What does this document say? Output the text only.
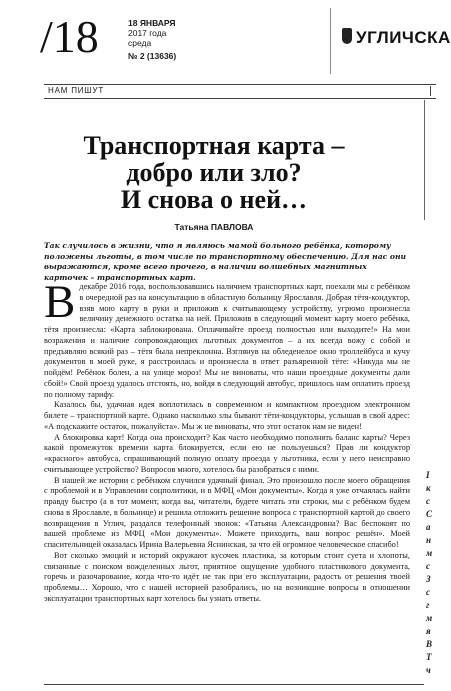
/18	18 ЯНВАРЯ
2017 года
среда
№ 2 (13636)
УГЛИЧСКА
НАМ ПИШУТ
Транспортная карта –
добро или зло?
И снова о ней…
Татьяна ПАВЛОВА
Так случилось в жизни, что я являюсь мамой больного ребёнка, которому положены льготы, в том числе по транспортному обеспечению. Для нас они выражаются, кроме всего прочего, в наличии волшебных магнитных карточек – транспортных карт.

Вдекабре 2016 года, воспользовавшись наличием транспортных карт, поехали мы с ребёнком в очередной раз на консультацию в областную больницу Ярославля. Добрая тётя-кондуктор, взяв мою карту в руки и приложив к считывающему устройству, угрюмо произнесла величину денежного остатка на ней. Приложив в следующий момент карту моего ребёнка, тётя произнесла: «Карта заблокирована. Оплачивайте проезд полностью или выходите!» На мои возражения и наличие сопровождающих льготных документов – а их всегда вожу с собой и предъявляю всякий раз – тётя была непреклонна. Взглянув на обледенелое окно троллейбуса и кучу документов в моей руке, я расстроилась и произнесла в ответ разъяренной тёте: «Никуда мы не пойдём! Ребёнок болен, а на улице мороз! Мы не виноваты, что наши проездные документы дали сбой!» Свой проезд удалось отстоять, но, войдя в следующий автобус, пришлось нам оплатить проезд по полному тарифу.

Казалось бы, удачная идея воплотилась в современном и компактном проездном электронном билете – транспортной карте. Однако насколько злы бывают тёти-кондукторы, услышав в свой адрес: «А подскажите остаток, пожалуйста». Мы ж не виноваты, что этот остаток нам не виден!

А блокировка карт! Когда она происходит? Как часто необходимо пополнять баланс карты? Через какой промежуток времени карта блокируется, если ею не пользуешься? Прав ли кондуктор «красного» автобуса, спрашивающий полную оплату проезда у льготника, если у него неисправно считывающее устройство? Вопросов много, хотелось бы разобраться с ними.

В нашей же истории с ребёнком случился удачный финал. Это произошло после моего обращения с проблемой и в Управлении соцполитики, и в МФЦ «Мои документы». Когда я уже отчаялась найти правду быстро (а в тот момент, когда вы, читатели, будете читать эти строки, мы с ребёнком будем снова в Ярославле, в больнице) и решила отложить решение вопроса с транспортной картой до своего возвращения в Углич, раздался телефонный звонок: «Татьяна Александровна? Вас беспокоят по вашей проблеме из МФЦ «Мои документы». Можете приходить, ваш вопрос решён». Моей спасительницей оказалась Ирина Валерьевна Яснинская, за что ей огромное человеческое спасибо!

Вот сколько эмоций и историй окружают кусочек пластика, за которым стоит суета и хлопоты, связанные с поиском вожделенных льгот, приятное ощущение удобного пластикового документа, горечь и разочарование, когда что-то идёт не так при его эксплуатации, радость от решения твоей проблемы… Хорошо, что с нашей историей разобрались, но на возникшие вопросы в отношении эксплуатации транспортных карт хотелось бы узнать ответы.

I
к
с
С
а
н
м
с
З
с
г
м
я
В
Т
ч
